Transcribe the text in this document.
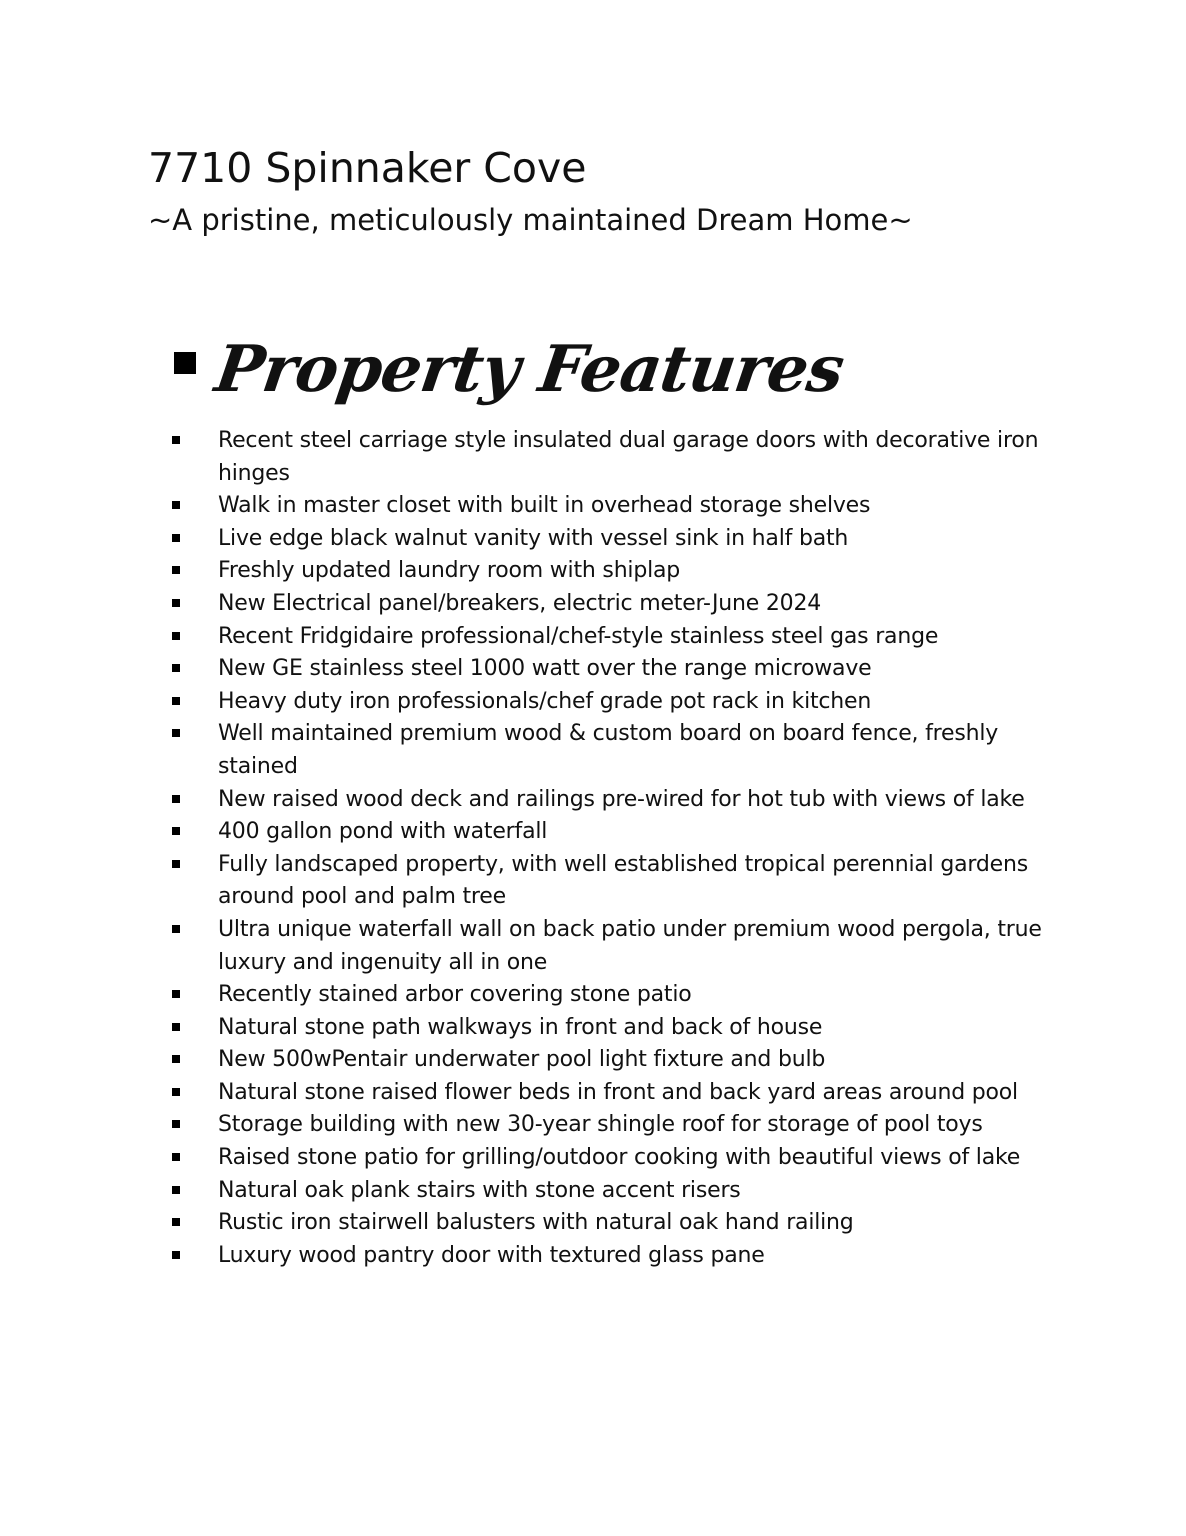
7710 Spinnaker Cove
~A pristine, meticulously maintained Dream Home~
Property Features
Recent steel carriage style insulated dual garage doors with decorative iron hinges
Walk in master closet with built in overhead storage shelves
Live edge black walnut vanity with vessel sink in half bath
Freshly updated laundry room with shiplap
New Electrical panel/breakers, electric meter-June 2024
Recent Fridgidaire professional/chef-style stainless steel gas range
New GE stainless steel 1000 watt over the range microwave
Heavy duty iron professionals/chef grade pot rack in kitchen
Well maintained premium wood & custom board on board fence, freshly stained
New raised wood deck and railings pre-wired for hot tub with views of lake
400 gallon pond with waterfall
Fully landscaped property, with well established tropical perennial gardens around pool and palm tree
Ultra unique waterfall wall on back patio under premium wood pergola, true luxury and ingenuity all in one
Recently stained arbor covering stone patio
Natural stone path walkways in front and back of house
New 500wPentair underwater pool light fixture and bulb
Natural stone raised flower beds in front and back yard areas around pool
Storage building with new 30-year shingle roof for storage of pool toys
Raised stone patio for grilling/outdoor cooking with beautiful views of lake
Natural oak plank stairs with stone accent risers
Rustic iron stairwell balusters with natural oak hand railing
Luxury wood pantry door with textured glass pane
